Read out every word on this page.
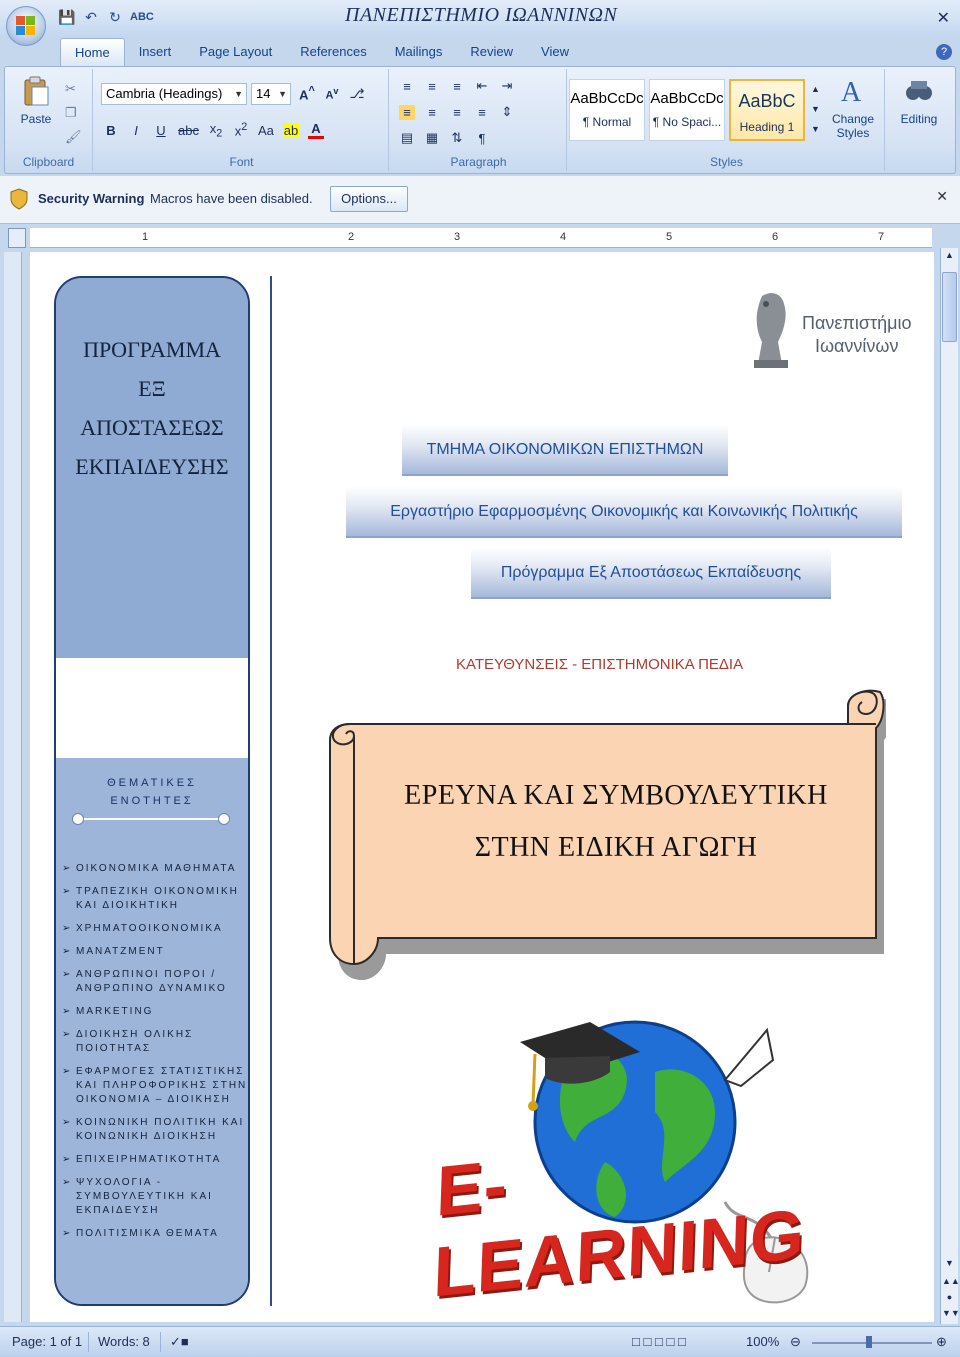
💾 ↶ ↻ ABC	ΠΑΝΕΠΙΣΤΗΜΙΟ ΙΩΑΝΝΙΝΩΝ	✕
Home	Insert	Page Layout	References	Mailings	Review	View	?
Paste
✂
❐
🖌
Clipboard
Cambria (Headings) ▼	14 ▼ A^ $A^v$ ⎇
B	I	U abc $x_2$ $x^2$ Aa ab A
Font
≡	≡	≡	⇤ ⇥
≡	≡	≡	≡	⇕
▤ ▦ ⇅	¶
Paragraph
AaBbCcDc
¶ Normal
AaBbCcDc
¶ No Spaci...
AaBbC
Heading 1
▲
▼
▼
A
Change Styles
Styles
Editing
Security Warning Macros have been disabled.	Options...	✕
1	2	3	4	5	6	7
▲
▼
▲▲
●
▼▼
ΠΡΟΓΡΑΜΜΑ
ΕΞ
ΑΠΟΣΤΑΣΕΩΣ
ΕΚΠΑΙΔΕΥΣΗΣ
ΘΕΜΑΤΙΚΕΣ
ΕΝΟΤΗΤΕΣ
➢ ΟΙΚΟΝΟΜΙΚΑ ΜΑΘΗΜΑΤΑ
➢ ΤΡΑΠΕΖΙΚΗ ΟΙΚΟΝΟΜΙΚΗ ΚΑΙ ΔΙΟΙΚΗΤΙΚΗ
➢ ΧΡΗΜΑΤΟΟΙΚΟΝΟΜΙΚΑ
➢ ΜΑΝΑΤΖΜΕΝΤ
➢ ΑΝΘΡΩΠΙΝΟΙ ΠΟΡΟΙ / ΑΝΘΡΩΠΙΝΟ ΔΥΝΑΜΙΚΟ
➢ MARKETING
➢ ΔΙΟΙΚΗΣΗ ΟΛΙΚΗΣ ΠΟΙΟΤΗΤΑΣ
➢ ΕΦΑΡΜΟΓΕΣ ΣΤΑΤΙΣΤΙΚΗΣ ΚΑΙ ΠΛΗΡΟΦΟΡΙΚΗΣ ΣΤΗΝ ΟΙΚΟΝΟΜΙΑ – ΔΙΟΙΚΗΣΗ
➢ ΚΟΙΝΩΝΙΚΗ ΠΟΛΙΤΙΚΗ ΚΑΙ ΚΟΙΝΩΝΙΚΗ ΔΙΟΙΚΗΣΗ
➢ ΕΠΙΧΕΙΡΗΜΑΤΙΚΟΤΗΤΑ
➢ ΨΥΧΟΛΟΓΙΑ - ΣΥΜΒΟΥΛΕΥΤΙΚΗ ΚΑΙ ΕΚΠΑΙΔΕΥΣΗ
➢ ΠΟΛΙΤΙΣΜΙΚΑ ΘΕΜΑΤΑ
Πανεπιστήμιο
Ιωαννίνων
ΤΜΗΜΑ ΟΙΚΟΝΟΜΙΚΩΝ ΕΠΙΣΤΗΜΩΝ
Εργαστήριο Εφαρμοσμένης Οικονομικής και Κοινωνικής Πολιτικής
Πρόγραμμα Εξ Αποστάσεως Εκπαίδευσης
ΚΑΤΕΥΘΥΝΣΕΙΣ - ΕΠΙΣΤΗΜΟΝΙΚΑ ΠΕΔΙΑ
ΕΡΕΥΝΑ ΚΑΙ ΣΥΜΒΟΥΛΕΥΤΙΚΗ
ΣΤΗΝ ΕΙΔΙΚΗ ΑΓΩΓΗ
E-LEARNING
Page: 1 of 1 Words: 8 ✓■	□ □ □ □ □	100% ⊖	⊕
